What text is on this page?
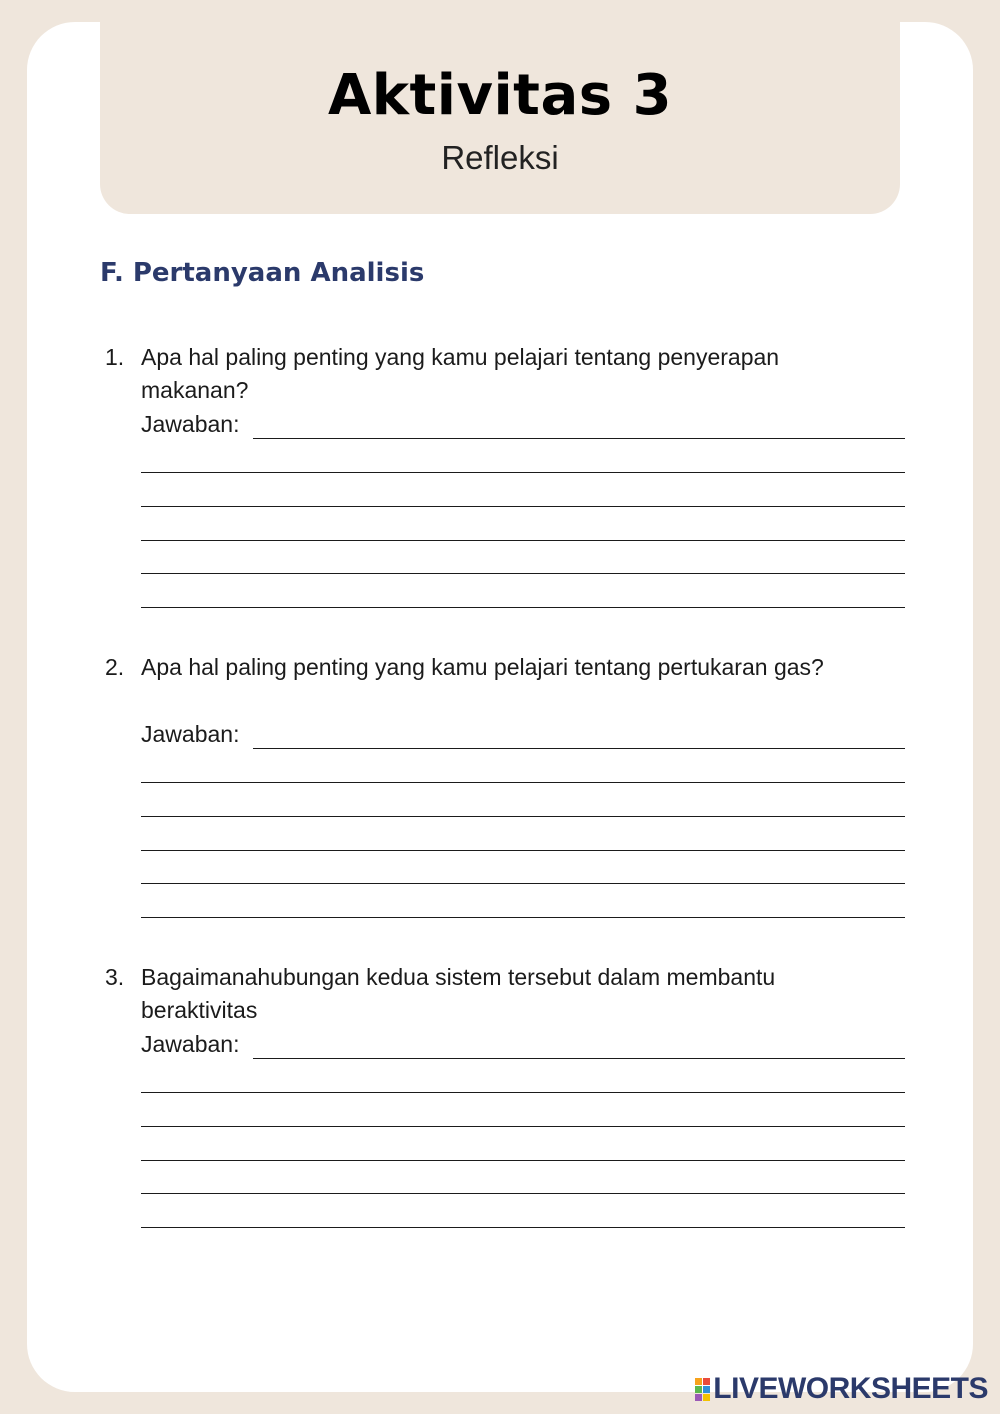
Aktivitas 3
Refleksi
F. Pertanyaan Analisis
1. Apa hal paling penting yang kamu pelajari tentang penyerapan makanan?
Jawaban:
2. Apa hal paling penting yang kamu pelajari tentang pertukaran gas?
Jawaban:
3. Bagaimanahubungan kedua sistem tersebut dalam membantu beraktivitas
Jawaban:
LIVEWORKSHEETS
